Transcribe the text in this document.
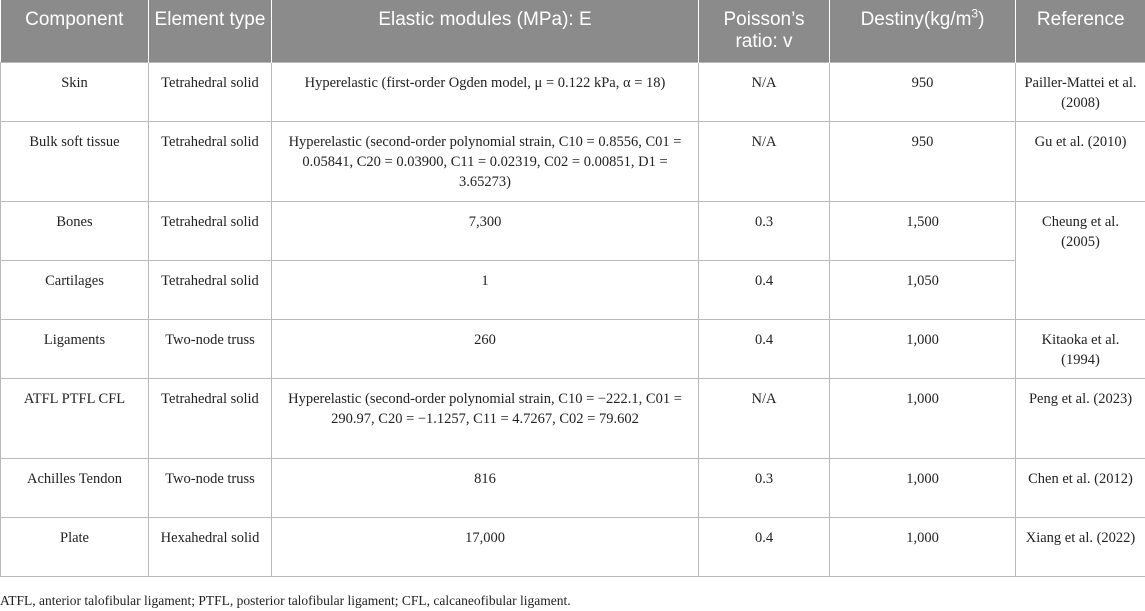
Component	Element type	Elastic modules (MPa): E	Poisson’s ratio: v	$Destiny(kg/m^3)$	Reference
Skin	Tetrahedral solid	Hyperelastic (first-order Ogden model, μ = 0.122 kPa, α = 18)	N/A	950	Pailler-Mattei et al. (2008)
Bulk soft tissue	Tetrahedral solid	Hyperelastic (second-order polynomial strain, C10 = 0.8556, C01 = 0.05841, C20 = 0.03900, C11 = 0.02319, C02 = 0.00851, D1 = 3.65273)	N/A	950	Gu et al. (2010)
Bones	Tetrahedral solid	7,300	0.3	1,500	Cheung et al. (2005)
Cartilages	Tetrahedral solid	1	0.4	1,050	
Ligaments	Two-node truss	260	0.4	1,000	Kitaoka et al. (1994)
ATFL PTFL CFL	Tetrahedral solid	Hyperelastic (second-order polynomial strain, C10 = −222.1, C01 = 290.97, C20 = −1.1257, C11 = 4.7267, C02 = 79.602	N/A	1,000	Peng et al. (2023)
Achilles Tendon	Two-node truss	816	0.3	1,000	Chen et al. (2012)
Plate	Hexahedral solid	17,000	0.4	1,000	Xiang et al. (2022)
ATFL, anterior talofibular ligament; PTFL, posterior talofibular ligament; CFL, calcaneofibular ligament.
